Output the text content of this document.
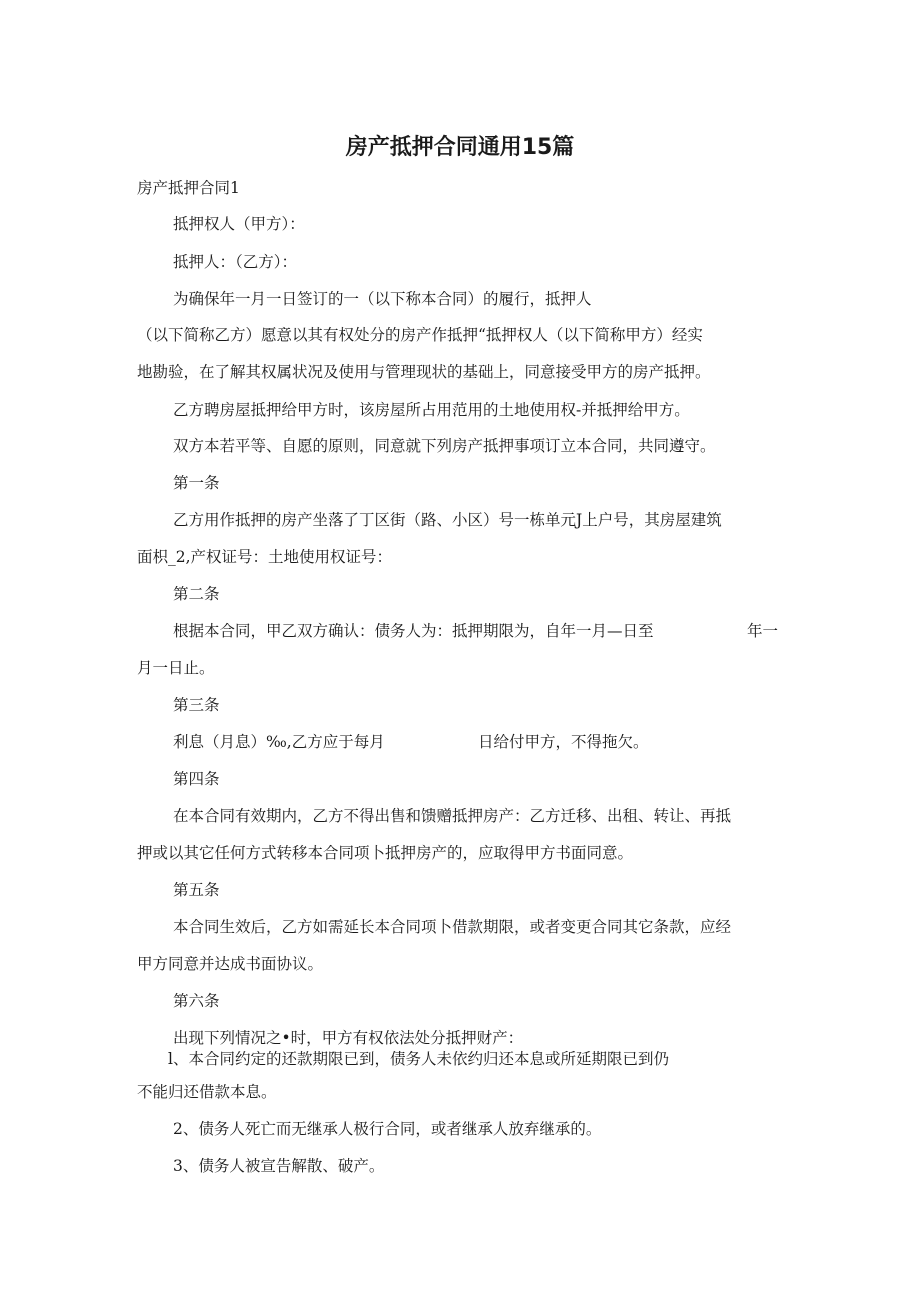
房产抵押合同通用15篇
房产抵押合同1
抵押权人（甲方）：
抵押人：（乙方）：
为确保年一月一日签订的一（以下称本合同）的履行，抵押人
（以下简称乙方）愿意以其有权处分的房产作抵押“抵押权人（以下简称甲方）经实
地勘验，在了解其权属状况及使用与管理现状的基础上，同意接受甲方的房产抵押。
乙方聘房屋抵押给甲方时，该房屋所占用范用的土地使用权-并抵押给甲方。
双方本若平等、自愿的原则，同意就下列房产抵押事项订立本合同，共同遵守。
第一条
乙方用作抵押的房产坐落了丁区街（路、小区）号一栋单元J上户号，其房屋建筑
面枳_2,产权证号：土地使用权证号：
第二条
根据本合同，甲乙双方确认：债务人为：抵押期限为，自年一月—日至	年一
月一日止。
第三条
利息（月息）‰,乙方应于每月	日给付甲方，不得拖欠。
第四条
在本合同有效期内，乙方不得出售和馈赠抵押房产：乙方迁移、出租、转让、再抵
押或以其它任何方式转移本合同项卜抵押房产的，应取得甲方书面同意。
第五条
本合同生效后，乙方如需延长本合同项卜借款期限，或者变更合同其它条款，应经
甲方同意并达成书面协议。
第六条
出现下列情况之•时，甲方有权依法处分抵押财产：
l、本合同约定的还款期限已到，债务人未依约归还本息或所延期限已到仍
不能归还借款本息。
2、债务人死亡而无继承人极行合同，或者继承人放弃继承的。
3、债务人被宣告解散、破产。
